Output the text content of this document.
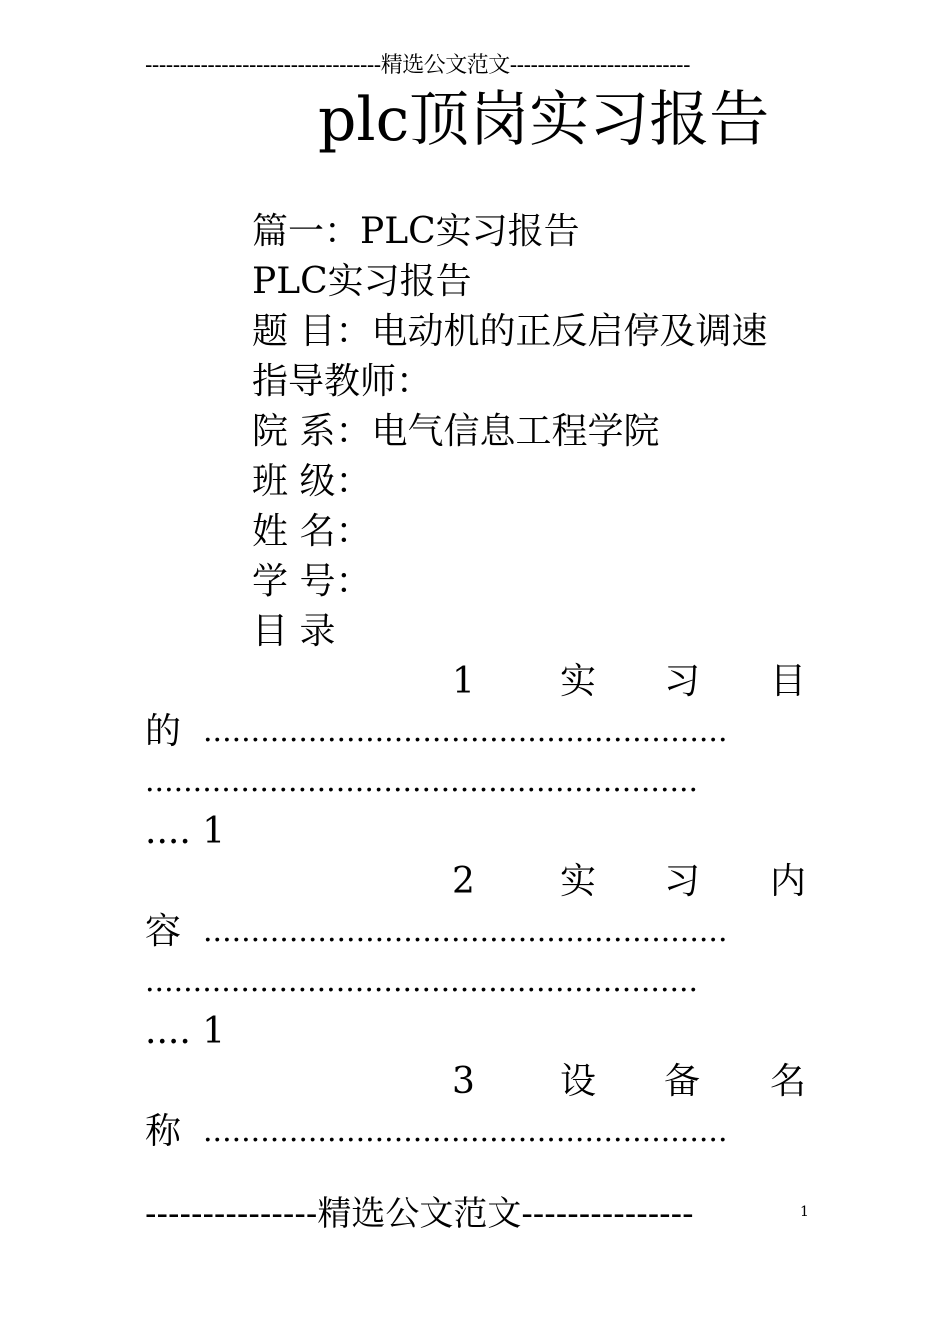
----------------------------------精选公文范文--------------------------
plc顶岗实习报告
篇一：PLC实习报告
PLC实习报告
题 目：电动机的正反启停及调速
指导教师：
院 系：电气信息工程学院
班 级：
姓 名：
学 号：
目 录
1 实 习 目
的 .......................................................
..........................................................
.... 1
2 实 习 内
容 .......................................................
..........................................................
.... 1
3 设 备 名
称 .......................................................
---------------精选公文范文---------------	1
